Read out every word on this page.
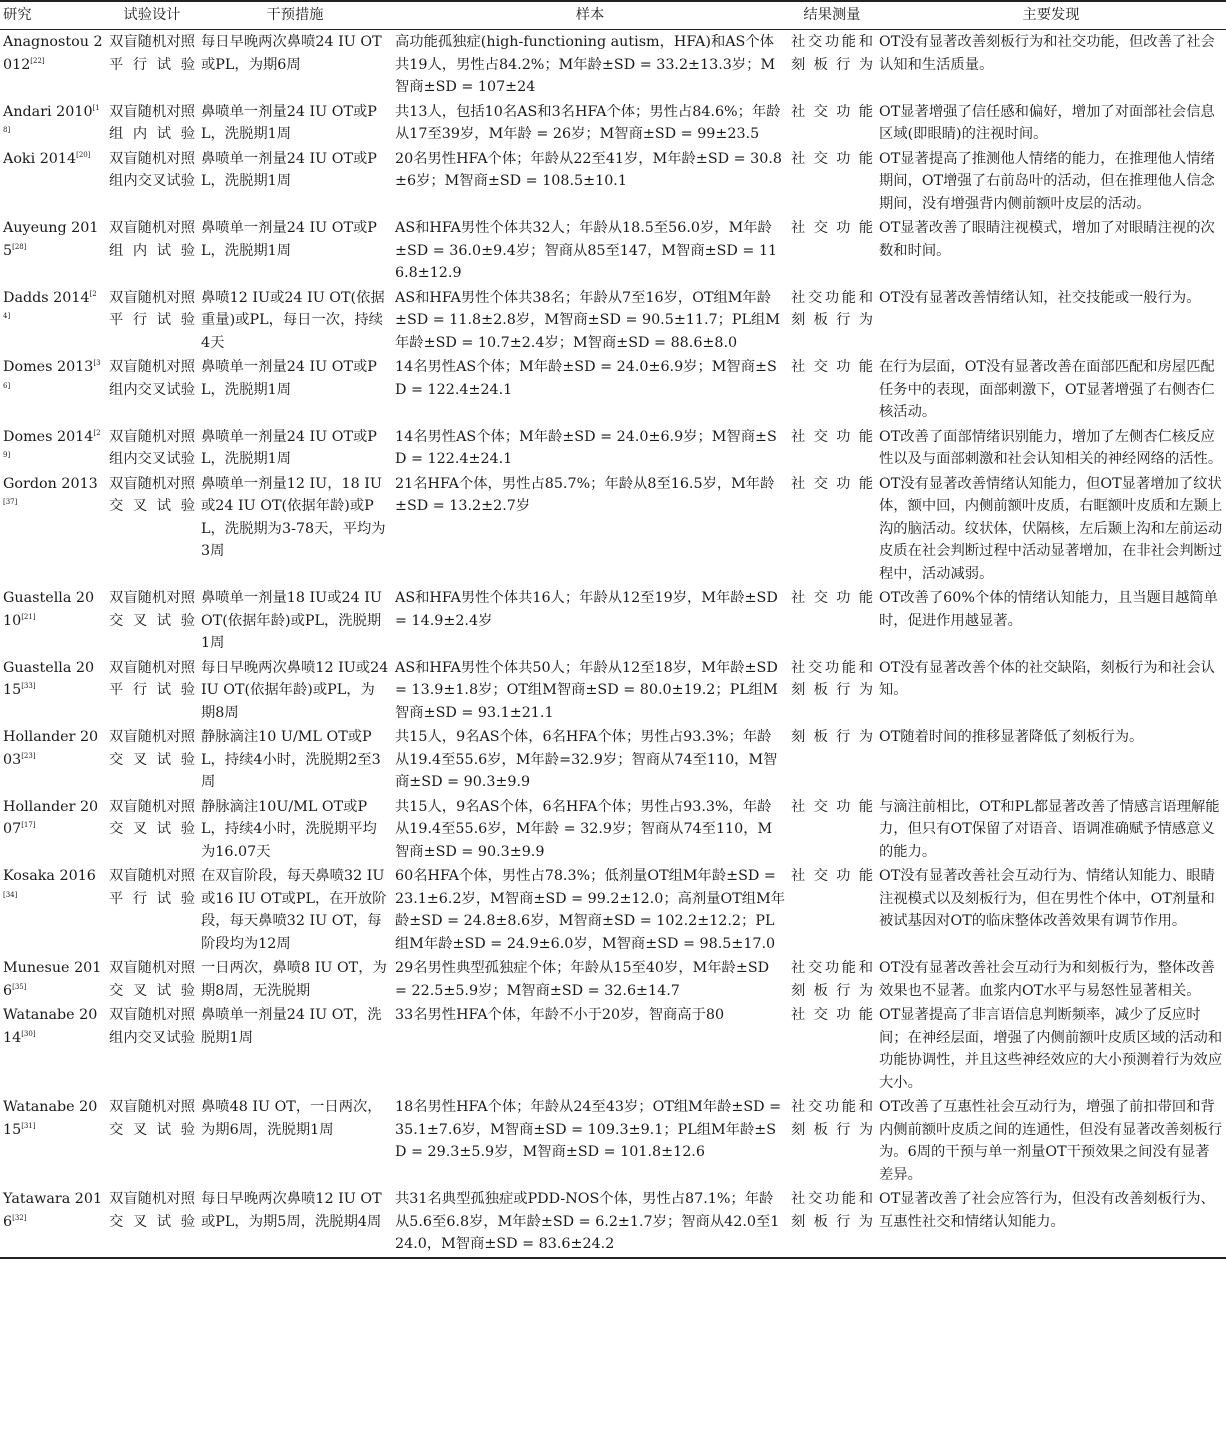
研究	试验设计	干预措施	样本	结果测量	主要发现
Anagnostou 2012[22]	双盲随机对照平行试验	每日早晚两次鼻喷24 IU OT或PL，为期6周	高功能孤独症(high-functioning autism，HFA)和AS个体共19人，男性占84.2%；M年龄±SD = 33.2±13.3岁；M智商±SD = 107±24	社交功能和刻板行为	OT没有显著改善刻板行为和社交功能，但改善了社会认知和生活质量。
Andari 2010[18]	双盲随机对照组内试验	鼻喷单一剂量24 IU OT或PL，洗脱期1周	共13人，包括10名AS和3名HFA个体；男性占84.6%；年龄从17至39岁，M年龄 = 26岁；M智商±SD = 99±23.5	社交功能	OT显著增强了信任感和偏好，增加了对面部社会信息区域(即眼睛)的注视时间。
Aoki 2014[20]	双盲随机对照组内交叉试验	鼻喷单一剂量24 IU OT或PL，洗脱期1周	20名男性HFA个体；年龄从22至41岁，M年龄±SD = 30.8±6岁；M智商±SD = 108.5±10.1	社交功能	OT显著提高了推测他人情绪的能力，在推理他人情绪期间，OT增强了右前岛叶的活动，但在推理他人信念期间，没有增强背内侧前额叶皮层的活动。
Auyeung 2015[28]	双盲随机对照组内试验	鼻喷单一剂量24 IU OT或PL，洗脱期1周	AS和HFA男性个体共32人；年龄从18.5至56.0岁，M年龄±SD = 36.0±9.4岁；智商从85至147，M智商±SD = 116.8±12.9	社交功能	OT显著改善了眼睛注视模式，增加了对眼睛注视的次数和时间。
Dadds 2014[24]	双盲随机对照平行试验	鼻喷12 IU或24 IU OT(依据重量)或PL，每日一次，持续4天	AS和HFA男性个体共38名；年龄从7至16岁，OT组M年龄±SD = 11.8±2.8岁，M智商±SD = 90.5±11.7；PL组M年龄±SD = 10.7±2.4岁；M智商±SD = 88.6±8.0	社交功能和刻板行为	OT没有显著改善情绪认知，社交技能或一般行为。
Domes 2013[36]	双盲随机对照组内交叉试验	鼻喷单一剂量24 IU OT或PL，洗脱期1周	14名男性AS个体；M年龄±SD = 24.0±6.9岁；M智商±SD = 122.4±24.1	社交功能	在行为层面，OT没有显著改善在面部匹配和房屋匹配任务中的表现，面部刺激下，OT显著增强了右侧杏仁核活动。
Domes 2014[29]	双盲随机对照组内交叉试验	鼻喷单一剂量24 IU OT或PL，洗脱期1周	14名男性AS个体；M年龄±SD = 24.0±6.9岁；M智商±SD = 122.4±24.1	社交功能	OT改善了面部情绪识别能力，增加了左侧杏仁核反应性以及与面部刺激和社会认知相关的神经网络的活性。
Gordon 2013[37]	双盲随机对照交叉试验	鼻喷单一剂量12 IU，18 IU或24 IU OT(依据年龄)或PL，洗脱期为3-78天，平均为3周	21名HFA个体，男性占85.7%；年龄从8至16.5岁，M年龄±SD = 13.2±2.7岁	社交功能	OT没有显著改善情绪认知能力，但OT显著增加了纹状体，额中回，内侧前额叶皮质，右眶额叶皮质和左颞上沟的脑活动。纹状体，伏隔核，左后颞上沟和左前运动皮质在社会判断过程中活动显著增加，在非社会判断过程中，活动减弱。
Guastella 2010[21]	双盲随机对照交叉试验	鼻喷单一剂量18 IU或24 IU OT(依据年龄)或PL，洗脱期1周	AS和HFA男性个体共16人；年龄从12至19岁，M年龄±SD = 14.9±2.4岁	社交功能	OT改善了60%个体的情绪认知能力，且当题目越简单时，促进作用越显著。
Guastella 2015[33]	双盲随机对照平行试验	每日早晚两次鼻喷12 IU或24 IU OT(依据年龄)或PL，为期8周	AS和HFA男性个体共50人；年龄从12至18岁，M年龄±SD = 13.9±1.8岁；OT组M智商±SD = 80.0±19.2；PL组M智商±SD = 93.1±21.1	社交功能和刻板行为	OT没有显著改善个体的社交缺陷，刻板行为和社会认知。
Hollander 2003[23]	双盲随机对照交叉试验	静脉滴注10 U/ML OT或PL，持续4小时，洗脱期2至3周	共15人，9名AS个体，6名HFA个体；男性占93.3%；年龄从19.4至55.6岁，M年龄=32.9岁；智商从74至110，M智商±SD = 90.3±9.9	刻板行为	OT随着时间的推移显著降低了刻板行为。
Hollander 2007[17]	双盲随机对照交叉试验	静脉滴注10U/ML OT或PL，持续4小时，洗脱期平均为16.07天	共15人，9名AS个体，6名HFA个体；男性占93.3%，年龄从19.4至55.6岁，M年龄 = 32.9岁；智商从74至110，M智商±SD = 90.3±9.9	社交功能	与滴注前相比，OT和PL都显著改善了情感言语理解能力，但只有OT保留了对语音、语调准确赋予情感意义的能力。
Kosaka 2016[34]	双盲随机对照平行试验	在双盲阶段，每天鼻喷32 IU或16 IU OT或PL，在开放阶段，每天鼻喷32 IU OT，每阶段均为12周	60名HFA个体，男性占78.3%；低剂量OT组M年龄±SD = 23.1±6.2岁，M智商±SD = 99.2±12.0；高剂量OT组M年龄±SD = 24.8±8.6岁，M智商±SD = 102.2±12.2；PL组M年龄±SD = 24.9±6.0岁，M智商±SD = 98.5±17.0	社交功能	OT没有显著改善社会互动行为、情绪认知能力、眼睛注视模式以及刻板行为，但在男性个体中，OT剂量和被试基因对OT的临床整体改善效果有调节作用。
Munesue 2016[35]	双盲随机对照交叉试验	一日两次，鼻喷8 IU OT，为期8周，无洗脱期	29名男性典型孤独症个体；年龄从15至40岁，M年龄±SD = 22.5±5.9岁；M智商±SD = 32.6±14.7	社交功能和刻板行为	OT没有显著改善社会互动行为和刻板行为，整体改善效果也不显著。血浆内OT水平与易怒性显著相关。
Watanabe 2014[30]	双盲随机对照组内交叉试验	鼻喷单一剂量24 IU OT，洗脱期1周	33名男性HFA个体，年龄不小于20岁，智商高于80	社交功能	OT显著提高了非言语信息判断频率，减少了反应时间；在神经层面，增强了内侧前额叶皮质区域的活动和功能协调性，并且这些神经效应的大小预测着行为效应大小。
Watanabe 2015[31]	双盲随机对照交叉试验	鼻喷48 IU OT，一日两次，为期6周，洗脱期1周	18名男性HFA个体；年龄从24至43岁；OT组M年龄±SD = 35.1±7.6岁，M智商±SD = 109.3±9.1；PL组M年龄±SD = 29.3±5.9岁，M智商±SD = 101.8±12.6	社交功能和刻板行为	OT改善了互惠性社会互动行为，增强了前扣带回和背内侧前额叶皮质之间的连通性，但没有显著改善刻板行为。6周的干预与单一剂量OT干预效果之间没有显著差异。
Yatawara 2016[32]	双盲随机对照交叉试验	每日早晚两次鼻喷12 IU OT或PL，为期5周，洗脱期4周	共31名典型孤独症或PDD-NOS个体，男性占87.1%；年龄从5.6至6.8岁，M年龄±SD = 6.2±1.7岁；智商从42.0至124.0，M智商±SD = 83.6±24.2	社交功能和刻板行为	OT显著改善了社会应答行为，但没有改善刻板行为、互惠性社交和情绪认知能力。
